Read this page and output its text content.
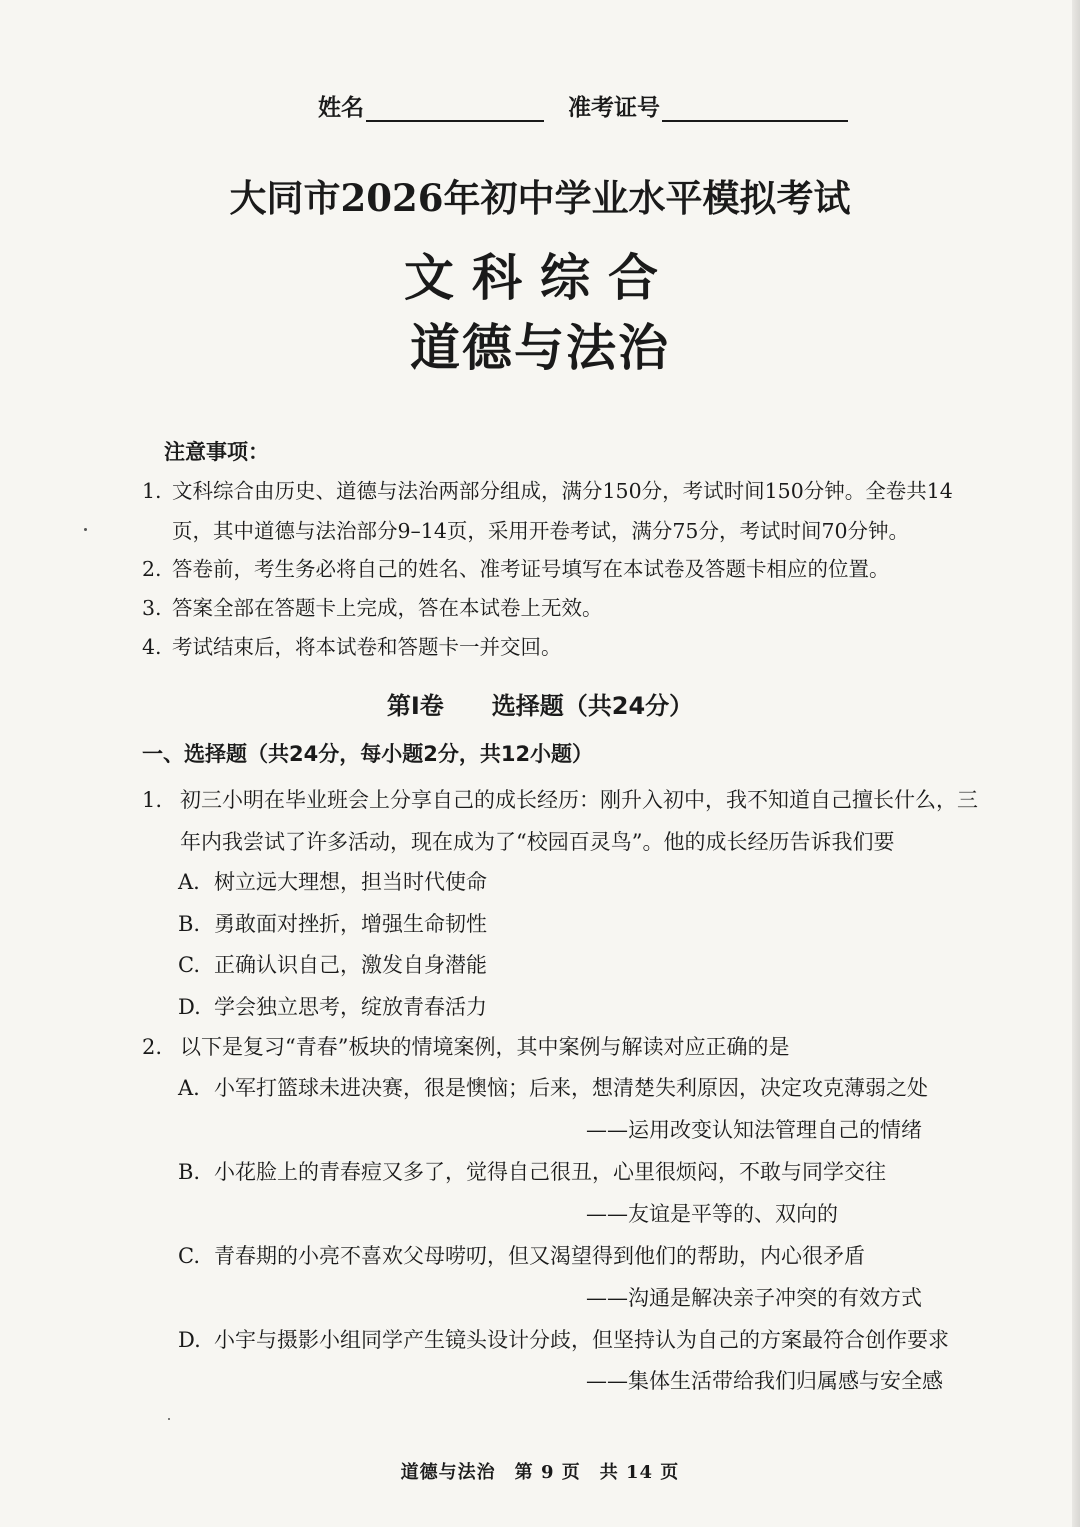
姓名	准考证号
大同市2026年初中学业水平模拟考试
文科综合
道德与法治
注意事项：
1. 文科综合由历史、道德与法治两部分组成，满分150分，考试时间150分钟。全卷共14
页，其中道德与法治部分9–14页，采用开卷考试，满分75分，考试时间70分钟。
2. 答卷前，考生务必将自己的姓名、准考证号填写在本试卷及答题卡相应的位置。
3. 答案全部在答题卡上完成，答在本试卷上无效。
4. 考试结束后，将本试卷和答题卡一并交回。
第Ⅰ卷　　选择题（共24分）
一、选择题（共24分，每小题2分，共12小题）
1. 初三小明在毕业班会上分享自己的成长经历：刚升入初中，我不知道自己擅长什么，三
年内我尝试了许多活动，现在成为了“校园百灵鸟”。他的成长经历告诉我们要
A. 树立远大理想，担当时代使命
B. 勇敢面对挫折，增强生命韧性
C. 正确认识自己，激发自身潜能
D. 学会独立思考，绽放青春活力
2. 以下是复习“青春”板块的情境案例，其中案例与解读对应正确的是
A. 小军打篮球未进决赛，很是懊恼；后来，想清楚失利原因，决定攻克薄弱之处
——运用改变认知法管理自己的情绪
B. 小花脸上的青春痘又多了，觉得自己很丑，心里很烦闷，不敢与同学交往
——友谊是平等的、双向的
C. 青春期的小亮不喜欢父母唠叨，但又渴望得到他们的帮助，内心很矛盾
——沟通是解决亲子冲突的有效方式
D. 小宇与摄影小组同学产生镜头设计分歧，但坚持认为自己的方案最符合创作要求
——集体生活带给我们归属感与安全感
道德与法治　第 9 页　共 14 页
